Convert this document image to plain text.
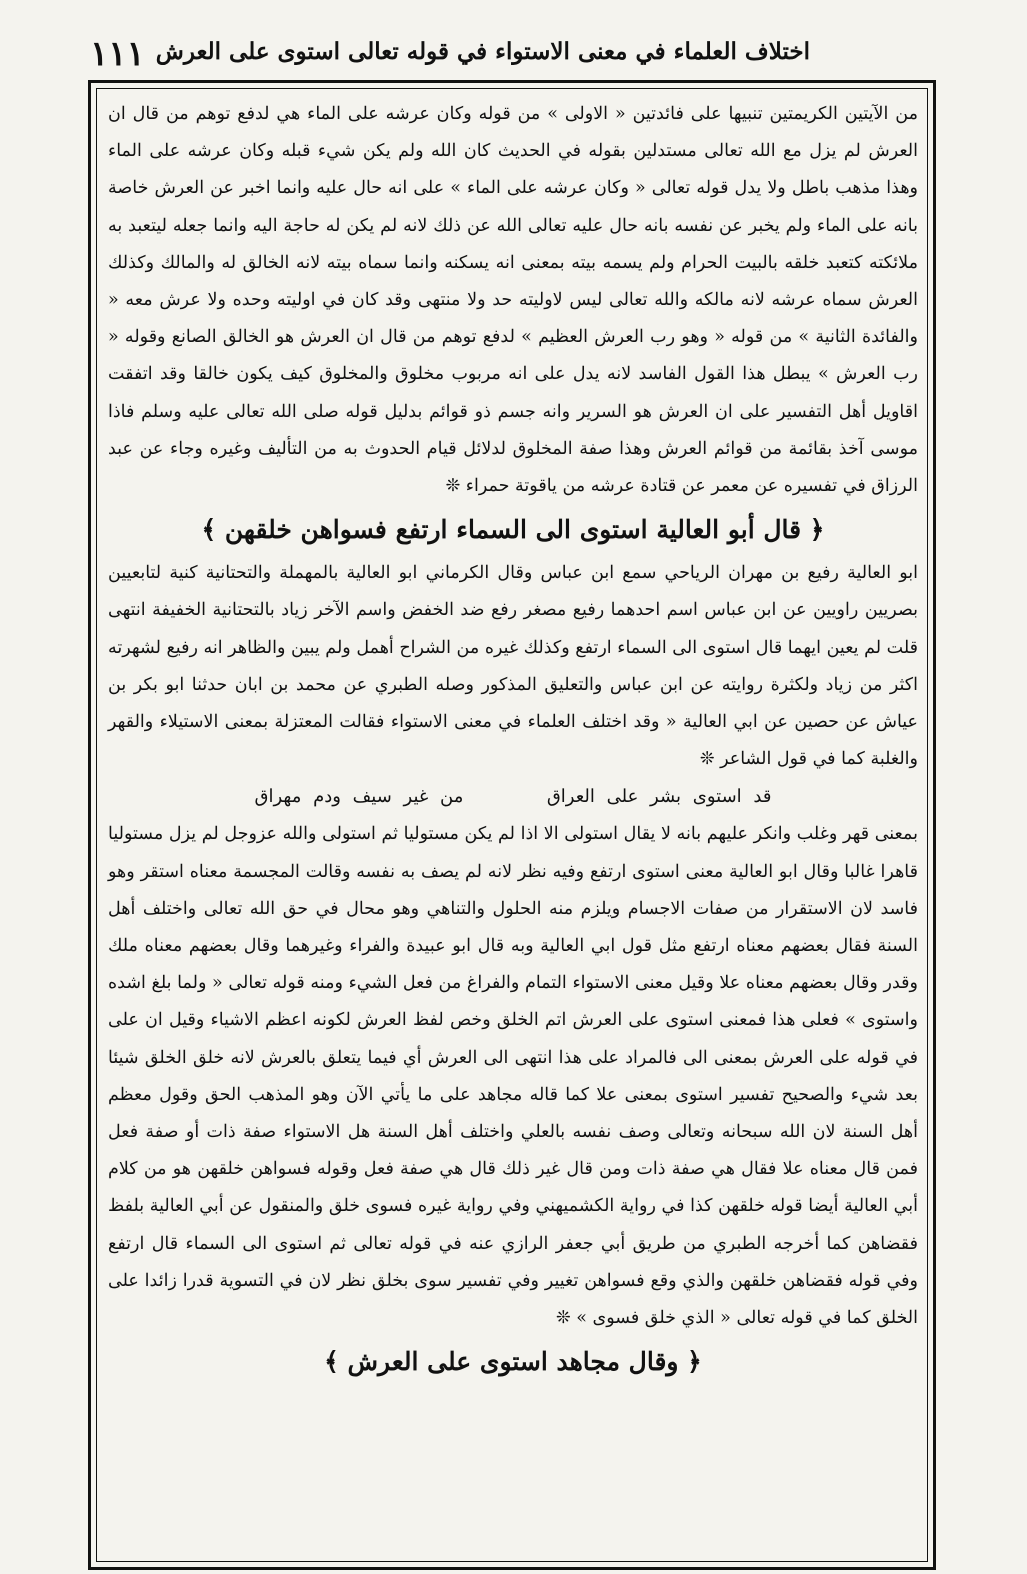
١١١ اختلاف العلماء في معنى الاستواء في قوله تعالى استوى على العرش

من الآيتين الكريمتين تنبيها على فائدتين « الاولى » من قوله وكان عرشه على الماء هي لدفع توهم من قال ان العرش لم يزل مع الله تعالى مستدلين بقوله في الحديث كان الله ولم يكن شيء قبله وكان عرشه على الماء وهذا مذهب باطل ولا يدل قوله تعالى « وكان عرشه على الماء » على انه حال عليه وانما اخبر عن العرش خاصة بانه على الماء ولم يخبر عن نفسه بانه حال عليه تعالى الله عن ذلك لانه لم يكن له حاجة اليه وانما جعله ليتعبد به ملائكته كتعبد خلقه بالبيت الحرام ولم يسمه بيته بمعنى انه يسكنه وانما سماه بيته لانه الخالق له والمالك وكذلك العرش سماه عرشه لانه مالكه والله تعالى ليس لاوليته حد ولا منتهى وقد كان في اوليته وحده ولا عرش معه « والفائدة الثانية » من قوله « وهو رب العرش العظيم » لدفع توهم من قال ان العرش هو الخالق الصانع وقوله « رب العرش » يبطل هذا القول الفاسد لانه يدل على انه مربوب مخلوق والمخلوق كيف يكون خالقا وقد اتفقت اقاويل أهل التفسير على ان العرش هو السرير وانه جسم ذو قوائم بدليل قوله صلى الله تعالى عليه وسلم فاذا موسى آخذ بقائمة من قوائم العرش وهذا صفة المخلوق لدلائل قيام الحدوث به من التأليف وغيره وجاء عن عبد الرزاق في تفسيره عن معمر عن قتادة عرشه من ياقوتة حمراء ❊

﴿ قال أبو العالية استوى الى السماء ارتفع فسواهن خلقهن ﴾

ابو العالية رفيع بن مهران الرياحي سمع ابن عباس وقال الكرماني ابو العالية بالمهملة والتحتانية كنية لتابعيين بصريين راويين عن ابن عباس اسم احدهما رفيع مصغر رفع ضد الخفض واسم الآخر زياد بالتحتانية الخفيفة انتهى قلت لم يعين ايهما قال استوى الى السماء ارتفع وكذلك غيره من الشراح أهمل ولم يبين والظاهر انه رفيع لشهرته اكثر من زياد ولكثرة روايته عن ابن عباس والتعليق المذكور وصله الطبري عن محمد بن ابان حدثنا ابو بكر بن عياش عن حصين عن ابي العالية « وقد اختلف العلماء في معنى الاستواء فقالت المعتزلة بمعنى الاستيلاء والقهر والغلبة كما في قول الشاعر ❊

قد استوى بشر على العراق  من غير سيف ودم مهراق

بمعنى قهر وغلب وانكر عليهم بانه لا يقال استولى الا اذا لم يكن مستوليا ثم استولى والله عزوجل لم يزل مستوليا قاهرا غالبا وقال ابو العالية معنى استوى ارتفع وفيه نظر لانه لم يصف به نفسه وقالت المجسمة معناه استقر وهو فاسد لان الاستقرار من صفات الاجسام ويلزم منه الحلول والتناهي وهو محال في حق الله تعالى واختلف أهل السنة فقال بعضهم معناه ارتفع مثل قول ابي العالية وبه قال ابو عبيدة والفراء وغيرهما وقال بعضهم معناه ملك وقدر وقال بعضهم معناه علا وقيل معنى الاستواء التمام والفراغ من فعل الشيء ومنه قوله تعالى « ولما بلغ اشده واستوى » فعلى هذا فمعنى استوى على العرش اتم الخلق وخص لفظ العرش لكونه اعظم الاشياء وقيل ان على في قوله على العرش بمعنى الى فالمراد على هذا انتهى الى العرش أي فيما يتعلق بالعرش لانه خلق الخلق شيئا بعد شيء والصحيح تفسير استوى بمعنى علا كما قاله مجاهد على ما يأتي الآن وهو المذهب الحق وقول معظم أهل السنة لان الله سبحانه وتعالى وصف نفسه بالعلي واختلف أهل السنة هل الاستواء صفة ذات أو صفة فعل فمن قال معناه علا فقال هي صفة ذات ومن قال غير ذلك قال هي صفة فعل وقوله فسواهن خلقهن هو من كلام أبي العالية أيضا قوله خلقهن كذا في رواية الكشميهني وفي رواية غيره فسوى خلق والمنقول عن أبي العالية بلفظ فقضاهن كما أخرجه الطبري من طريق أبي جعفر الرازي عنه في قوله تعالى ثم استوى الى السماء قال ارتفع وفي قوله فقضاهن خلقهن والذي وقع فسواهن تغيير وفي تفسير سوى بخلق نظر لان في التسوية قدرا زائدا على الخلق كما في قوله تعالى « الذي خلق فسوى » ❊

﴿ وقال مجاهد استوى على العرش ﴾
